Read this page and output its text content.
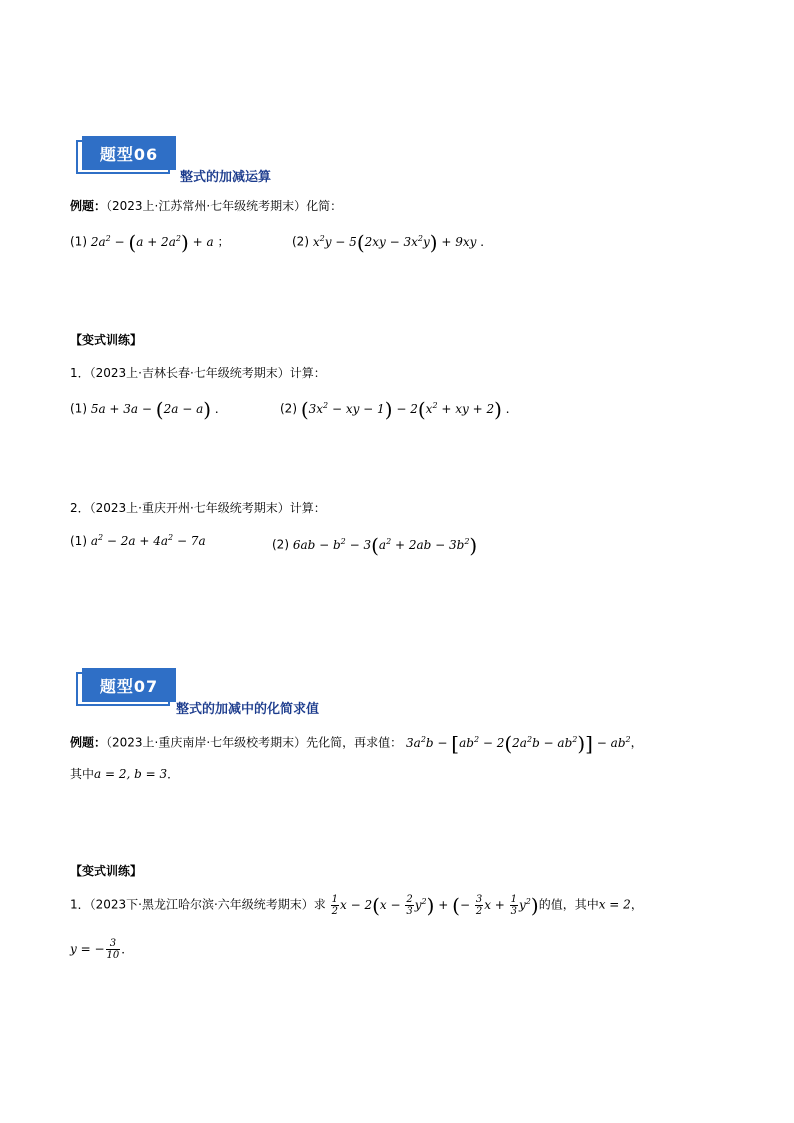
题型06
整式的加减运算
例题：（2023上·江苏常州·七年级统考期末）化简：
(1) $2a^2 - (a + 2a^2) + a$ ；	(2) $x^2y - 5(2xy - 3x^2y) + 9xy$ ．
【变式训练】
1．（2023上·吉林长春·七年级统考期末）计算：
(1) 5a + 3a − (2a − a) ．	(2) ($3x^2$ − xy − $1) - 2(x^2$ + xy + 2) ．
2．（2023上·重庆开州·七年级统考期末）计算：
(1) $a^2 - 2a + 4a^2 - 7a$	(2) $6ab - b^2 - 3(a^2 + 2ab - 3b^2)$
题型07
整式的加减中的化简求值
例题：（2023上·重庆南岸·七年级校考期末）先化简，再求值： $3a^2b - [ab^2 - 2(2a^2b - ab^2)] - ab^2$，
其中a = 2, b = 3．
【变式训练】
1．（2023下·黑龙江哈尔滨·六年级统考期末）求 $\frac{1}{2}$ $x - 2(x - \frac{2}{3} y^2)$ + (− $\frac{3}{2}$ $x + \frac{1}{3} y^2$)的值，其中x = 2，
y = − $\frac{3}{10}$ ．
